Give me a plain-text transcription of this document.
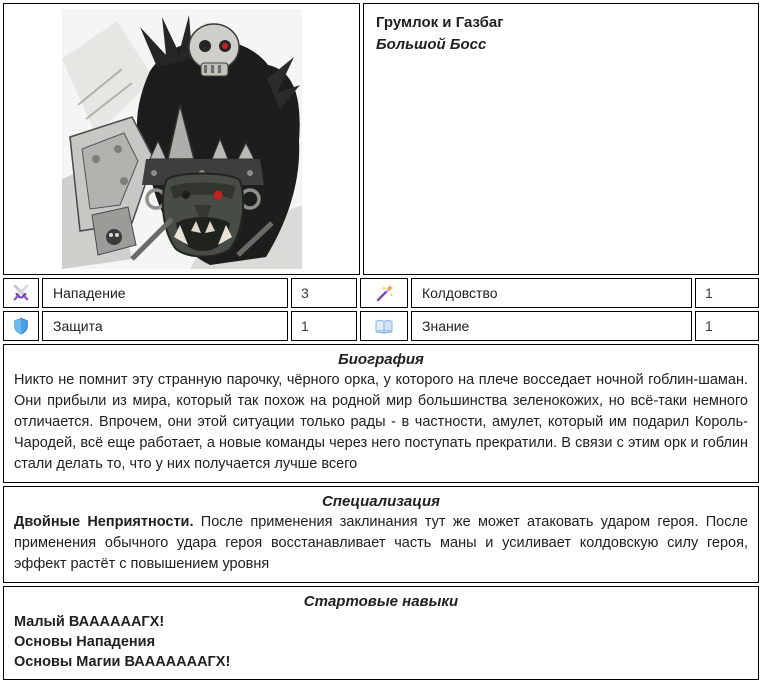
Грумлок и Газбаг
Большой Босс
Нападение	3	Колдовство	1
Защита	1	Знание	1
Биография
Никто не помнит эту странную парочку, чёрного орка, у которого на плече восседает ночной гоблин-шаман. Они прибыли из мира, который так похож на родной мир большинства зеленокожих, но всё-таки немного отличается. Впрочем, они этой ситуации только рады - в частности, амулет, который им подарил Король-Чародей, всё еще работает, а новые команды через него поступать прекратили. В связи с этим орк и гоблин стали делать то, что у них получается лучше всего
Специализация
Двойные Неприятности. После применения заклинания тут же может атаковать ударом героя. После применения обычного удара героя восстанавливает часть маны и усиливает колдовскую силу героя, эффект растёт с повышением уровня
Стартовые навыки
Малый ВААААААГХ!
Основы Нападения
Основы Магии ВАААААААГХ!
